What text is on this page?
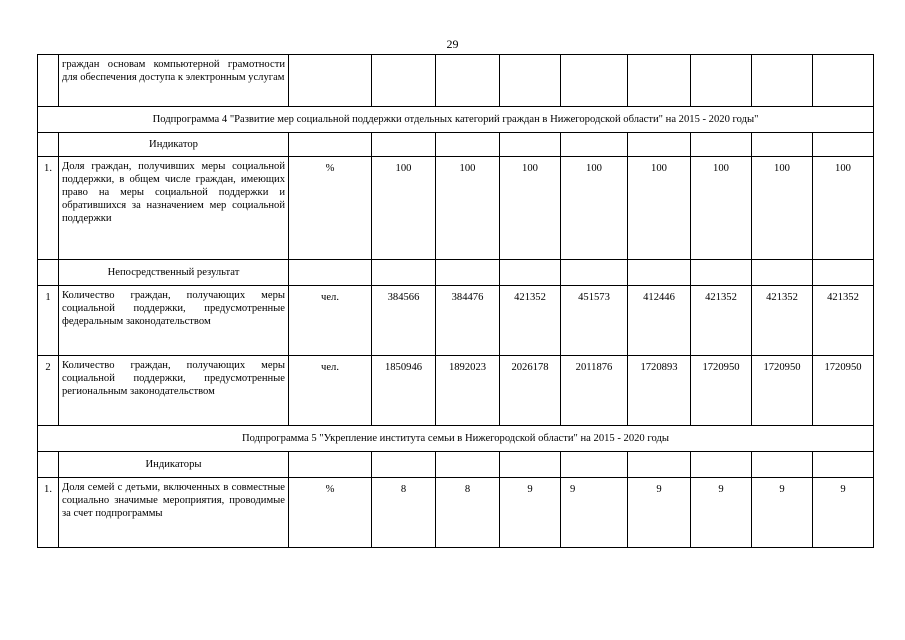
29
	граждан основам компьютерной грамотности для обеспечения доступа к электронным услугам									
Подпрограмма 4 "Развитие мер социальной поддержки отдельных категорий граждан в Нижегородской области" на 2015 - 2020 годы"										
	Индикатор									
1.	Доля граждан, получивших меры социальной поддержки, в общем числе граждан, имеющих право на меры социальной поддержки и обратившихся за назначением мер социальной поддержки	%	100	100	100	100	100	100	100	100
	Непосредственный результат									
1	Количество граждан, получающих меры социальной поддержки, предусмотренные федеральным законодательством	чел.	384566	384476	421352	451573	412446	421352	421352	421352
2	Количество граждан, получающих меры социальной поддержки, предусмотренные региональным законодательством	чел.	1850946	1892023	2026178	2011876	1720893	1720950	1720950	1720950
Подпрограмма 5 "Укрепление института семьи в Нижегородской области" на 2015 - 2020 годы										
	Индикаторы									
1.	Доля семей с детьми, включенных в совместные социально значимые мероприятия, проводимые за счет подпрограммы	%	8	8	9	9	9	9	9	9
